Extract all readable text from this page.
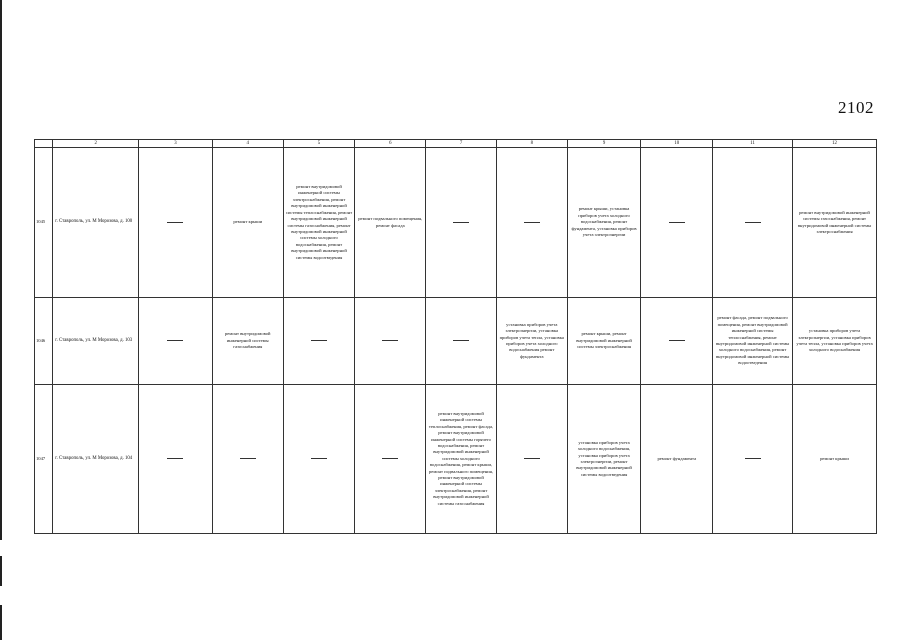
2102
	2	3	4	5	6	7	8	9	10	11	12
1045	г. Ставрополь, ул. М Морозова, д. 100		ремонт крыши	ремонт внутридомовой инженерной системы электроснабжения, ремонт внутридомовой инженерной системы теплоснабжения, ремонт внутридомовой инженерной системы газоснабжения, ремонт внутридомовой инженерной системы холодного водоснабжения, ремонт внутридомовой инженерной системы водоотведения	ремонт подвального помещения, ремонт фасада			ремонт крыши, установка приборов учета холодного водоснабжения, ремонт фундамента, установка приборов учета электроэнергии			ремонт внутридомовой инженерной системы газоснабжения, ремонт внутридомовой инженерной системы электроснабжения
1046	г. Ставрополь, ул. М Морозова, д. 103		ремонт внутридомовой инженерной системы газоснабжения				установка приборов учета электроэнергии, установка приборов учета тепла, установка приборов учета холодного водоснабжения ремонт фундамента	ремонт крыши, ремонт внутридомовой инженерной системы электроснабжения		ремонт фасада, ремонт подвального помещения, ремонт внутридомовой инженерной системы теплоснабжения, ремонт внутридомовой инженерной системы холодного водоснабжения, ремонт внутридомовой инженерной системы водоотведения	установка приборов учета электроэнергии, установка приборов учета тепла, установка приборов учета холодного водоснабжения
1047	г. Ставрополь, ул. М Морозова, д. 104					ремонт внутридомовой инженерной системы теплоснабжения, ремонт фасада, ремонт внутридомовой инженерной системы горячего водоснабжения, ремонт внутридомовой инженерной системы холодного водоснабжения, ремонт крыши, ремонт подвального помещения, ремонт внутридомовой инженерной системы электроснабжения, ремонт внутридомовой инженерной системы газоснабжения		установка приборов учета холодного водоснабжения, установка приборов учета электроэнергии, ремонт внутридомовой инженерной системы водоотведения	ремонт фундамента		ремонт крыши
